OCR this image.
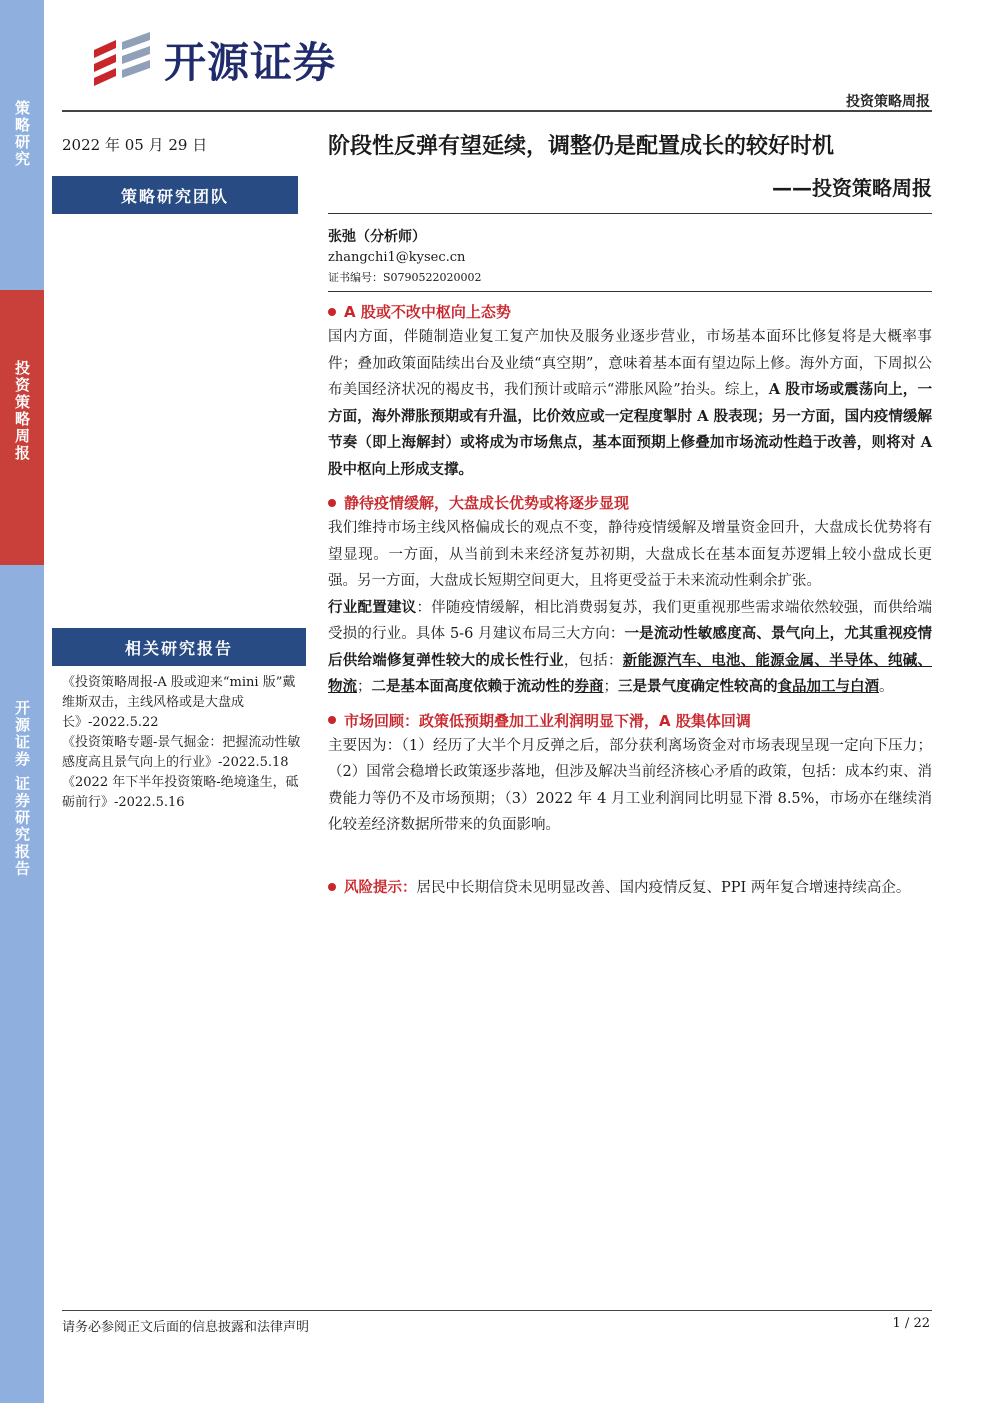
策略研究
投资策略周报
开源证券 证券研究报告
开源证券
投资策略周报
2022 年 05 月 29 日
策略研究团队
相关研究报告

《投资策略周报-A 股或迎来“mini 版”戴维斯双击，主线风格或是大盘成长》-2022.5.22

《投资策略专题-景气掘金：把握流动性敏感度高且景气向上的行业》-2022.5.18

《2022 年下半年投资策略-绝境逢生，砥砺前行》-2022.5.16

阶段性反弹有望延续，调整仍是配置成长的较好时机
——投资策略周报
张弛（分析师）
zhangchi1@kysec.cn
证书编号：S0790522020002
A 股或不改中枢向上态势

国内方面，伴随制造业复工复产加快及服务业逐步营业，市场基本面环比修复将是大概率事件；叠加政策面陆续出台及业绩“真空期”，意味着基本面有望边际上修。海外方面，下周拟公布美国经济状况的褐皮书，我们预计或暗示“滞胀风险”抬头。综上，A 股市场或震荡向上，一方面，海外滞胀预期或有升温，比价效应或一定程度掣肘 A 股表现；另一方面，国内疫情缓解节奏（即上海解封）或将成为市场焦点，基本面预期上修叠加市场流动性趋于改善，则将对 A 股中枢向上形成支撑。

静待疫情缓解，大盘成长优势或将逐步显现

我们维持市场主线风格偏成长的观点不变，静待疫情缓解及增量资金回升，大盘成长优势将有望显现。一方面，从当前到未来经济复苏初期，大盘成长在基本面复苏逻辑上较小盘成长更强。另一方面，大盘成长短期空间更大，且将更受益于未来流动性剩余扩张。

行业配置建议：伴随疫情缓解，相比消费弱复苏，我们更重视那些需求端依然较强，而供给端受损的行业。具体 5-6 月建议布局三大方向：一是流动性敏感度高、景气向上，尤其重视疫情后供给端修复弹性较大的成长性行业，包括：新能源汽车、电池、能源金属、半导体、纯碱、物流；二是基本面高度依赖于流动性的券商；三是景气度确定性较高的食品加工与白酒。

市场回顾：政策低预期叠加工业利润明显下滑，A 股集体回调

主要因为：（1）经历了大半个月反弹之后，部分获利离场资金对市场表现呈现一定向下压力；（2）国常会稳增长政策逐步落地，但涉及解决当前经济核心矛盾的政策，包括：成本约束、消费能力等仍不及市场预期；（3）2022 年 4 月工业利润同比明显下滑 8.5%，市场亦在继续消化较差经济数据所带来的负面影响。

风险提示：居民中长期信贷未见明显改善、国内疫情反复、PPI 两年复合增速持续高企。

请务必参阅正文后面的信息披露和法律声明	1 / 22
